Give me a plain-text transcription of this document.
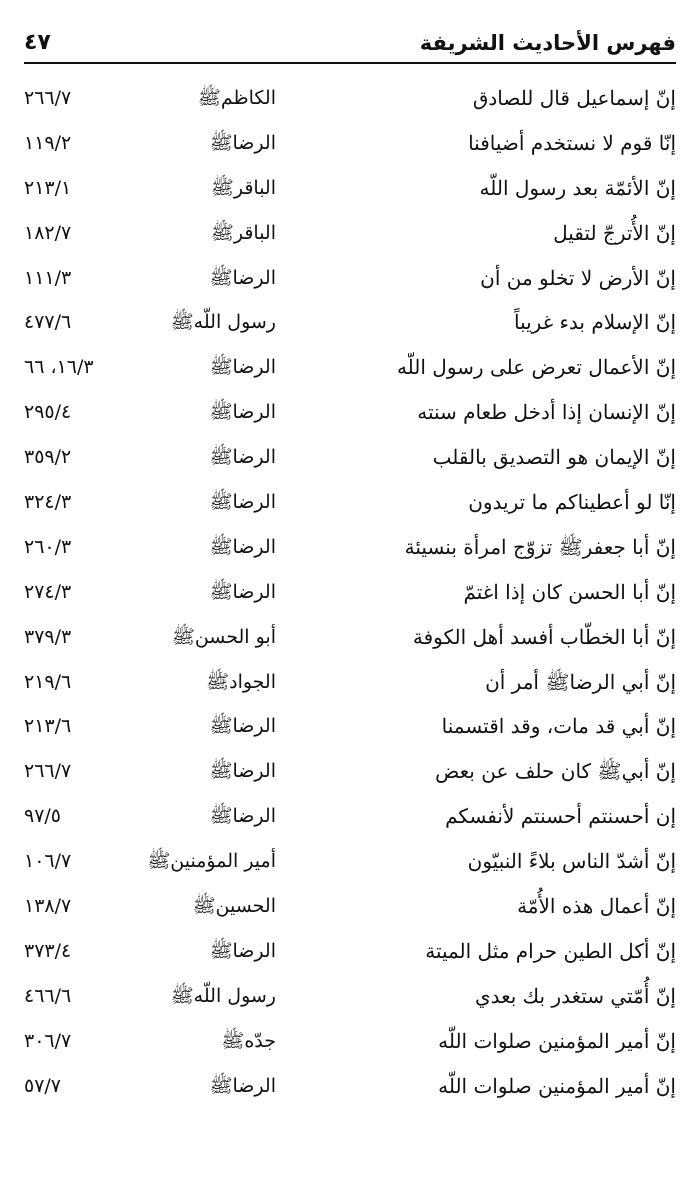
فهرس الأحاديث الشريفة
٤٧
إنّ إسماعيل قال للصادق
الكاظمﷺ
٢٦٦/٧
إنّا قوم لا نستخدم أضيافنا
الرضاﷺ
١١٩/٢
إنّ الأئمّة بعد رسول اللّه
الباقرﷺ
٢١٣/١
إنّ الأُترجّ لتقيل
الباقرﷺ
١٨٢/٧
إنّ الأرض لا تخلو من أن
الرضاﷺ
١١١/٣
إنّ الإسلام بدء غريباً
رسول اللّهﷺ
٤٧٧/٦
إنّ الأعمال تعرض على رسول اللّه
الرضاﷺ
١٦/٣، ٦٦
إنّ الإنسان إذا أدخل طعام سنته
الرضاﷺ
٢٩٥/٤
إنّ الإيمان هو التصديق بالقلب
الرضاﷺ
٣٥٩/٢
إنّا لو أعطيناكم ما تريدون
الرضاﷺ
٣٢٤/٣
إنّ أبا جعفرﷺ تزوّج امرأة بنسيئة
الرضاﷺ
٢٦٠/٣
إنّ أبا الحسن كان إذا اغتمّ
الرضاﷺ
٢٧٤/٣
إنّ أبا الخطّاب أفسد أهل الكوفة
أبو الحسنﷺ
٣٧٩/٣
إنّ أبي الرضاﷺ أمر أن
الجوادﷺ
٢١٩/٦
إنّ أبي قد مات، وقد اقتسمنا
الرضاﷺ
٢١٣/٦
إنّ أبيﷺ كان حلف عن بعض
الرضاﷺ
٢٦٦/٧
إن أحسنتم أحسنتم لأنفسكم
الرضاﷺ
٩٧/٥
إنّ أشدّ الناس بلاءً النبيّون
أمير المؤمنينﷺ
١٠٦/٧
إنّ أعمال هذه الأُمّة
الحسينﷺ
١٣٨/٧
إنّ أكل الطين حرام مثل الميتة
الرضاﷺ
٣٧٣/٤
إنّ أُمّتي ستغدر بك بعدي
رسول اللّهﷺ
٤٦٦/٦
إنّ أمير المؤمنين صلوات اللّه
جدّهﷺ
٣٠٦/٧
إنّ أمير المؤمنين صلوات اللّه
الرضاﷺ
٥٧/٧
